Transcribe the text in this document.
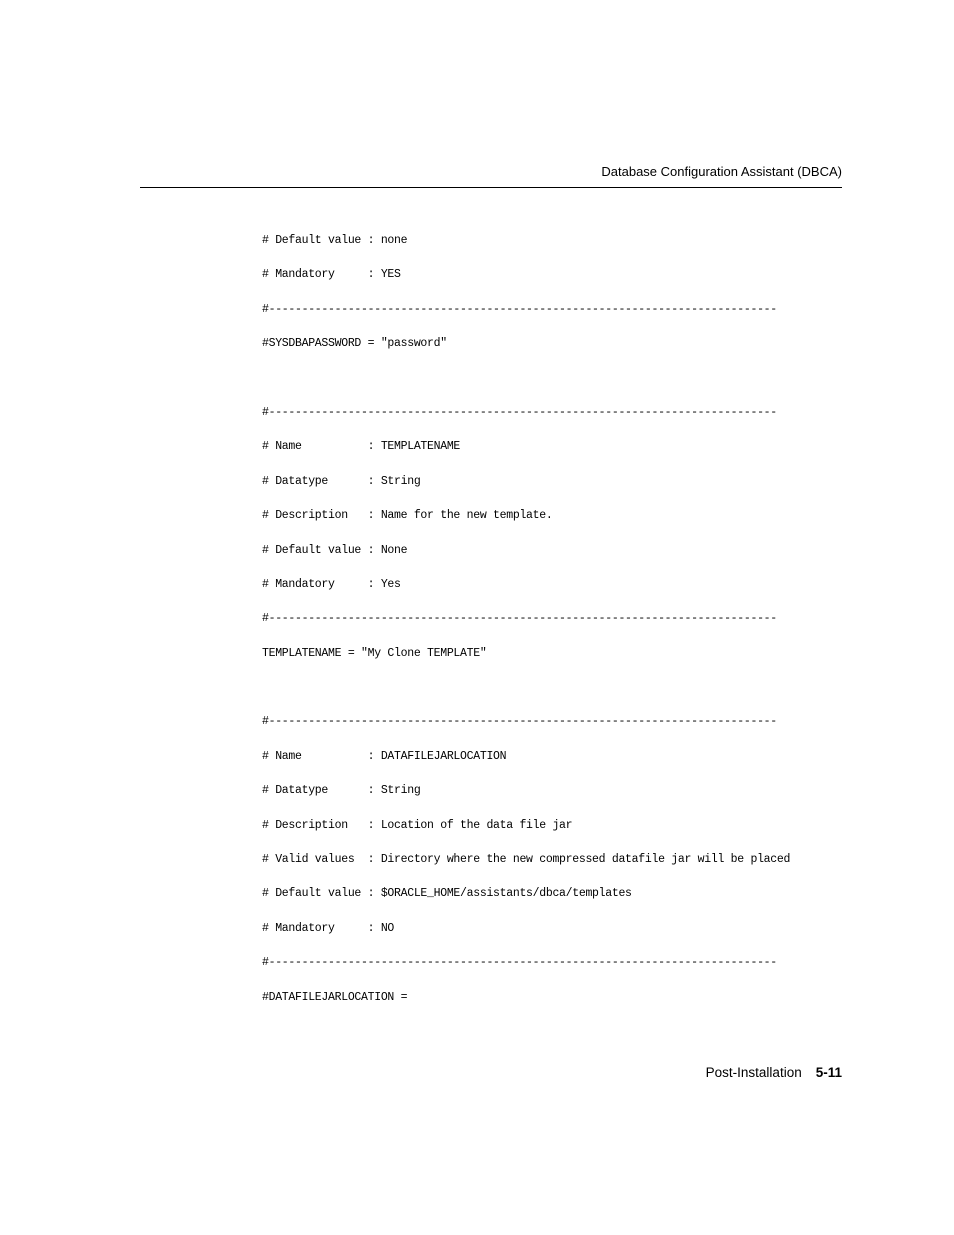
Database Configuration Assistant (DBCA)
# Default value : none

# Mandatory     : YES

#-----------------------------------------------------------------------------

#SYSDBAPASSWORD = "password"

#-----------------------------------------------------------------------------

# Name          : TEMPLATENAME

# Datatype      : String

# Description   : Name for the new template.

# Default value : None

# Mandatory     : Yes

#-----------------------------------------------------------------------------

TEMPLATENAME = "My Clone TEMPLATE"

#-----------------------------------------------------------------------------

# Name          : DATAFILEJARLOCATION

# Datatype      : String

# Description   : Location of the data file jar

# Valid values  : Directory where the new compressed datafile jar will be placed

# Default value : $ORACLE_HOME/assistants/dbca/templates

# Mandatory     : NO

#-----------------------------------------------------------------------------

#DATAFILEJARLOCATION =

Post-Installation 5-11
